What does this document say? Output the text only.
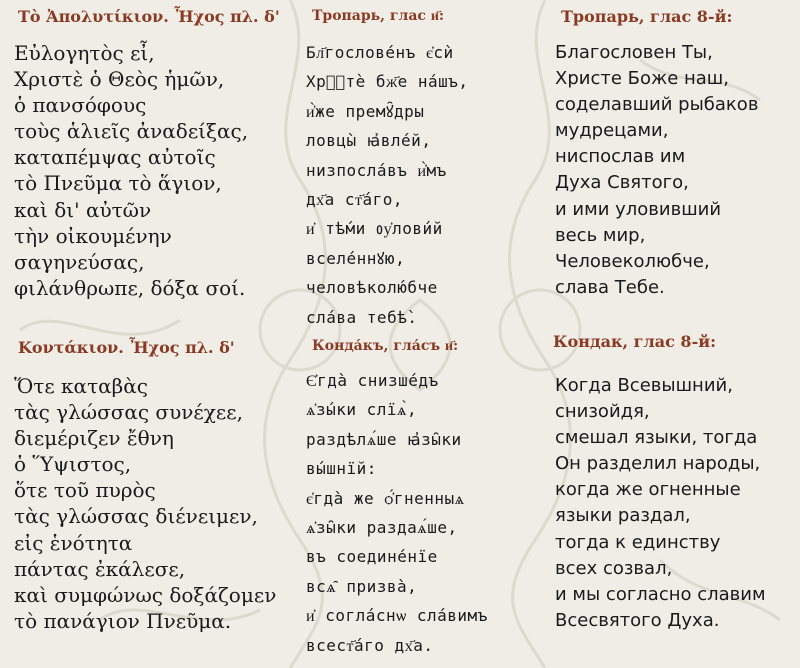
Τὸ Ἀπολυτίκιον. Ἦχος πλ. δ'
Εὐλογητὸς εἶ,
Χριστὲ ὁ Θεὸς ἡμῶν,
ὁ πανσόφους
τοὺς ἁλιεῖς ἀναδείξας,
καταπέμψας αὐτοῖς
τὸ Πνεῦμα τὸ ἅγιον,
καὶ δι' αὐτῶν
τὴν οἰκουμένην
σαγηνεύσας,
φιλάνθρωπε, δόξα σοί.
Κοντάκιον. Ἦχος πλ. δ'
Ὅτε καταβὰς
τὰς γλώσσας συνέχεε,
διεμέριζεν ἔθνη
ὁ Ὕψιστος,
ὅτε τοῦ πυρὸς
τὰς γλώσσας διένειμεν,
εἰς ἑνότητα
πάντας ἐκάλεσε,
καὶ συμφώνως δοξάζομεν
τὸ πανάγιον Πνεῦμα.
Тропарь, глас и҃:
Бл҃гослове́нъ є҆сѝ
Хрⷭ҇тѐ бж҃е на́шъ,
и҆̀же премꙋ̑дры
ловцы̀ ꙗ҆вле́й,
низпосла́въ и҆̀мъ
дх҃а ст҃а́го,
и҆ тѣ́ми ᲂу҆лови́й
вселе́ннꙋю,
человѣколю́бче
сла́ва тебѣ̀.
Конда́къ, гла́съ и҃:
Є҆гда̀ снизше́дъ
ѧ҆зы́ки слїѧ̀,
раздѣлѧ́ше ꙗ҆зы̑ки
вы́шнїй:
є҆гда̀ же ѻ҆́гненныѧ
ѧ҆зы̑ки раздаѧ́ше,
въ соедине́нїе
всѧ̑ призва̀,
и҆ согла́снѡ сла́вимъ
всест҃а́го дх҃а.
Тропарь, глас 8-й:
Благословен Ты,
Христе Боже наш,
соделавший рыбаков
мудрецами,
ниспослав им
Духа Святого,
и ими уловивший
весь мир,
Человеколюбче,
слава Тебе.
Кондак, глас 8-й:
Когда Всевышний,
снизойдя,
смешал языки, тогда
Он разделил народы,
когда же огненные
языки раздал,
тогда к единству
всех созвал,
и мы согласно славим
Всесвятого Духа.
